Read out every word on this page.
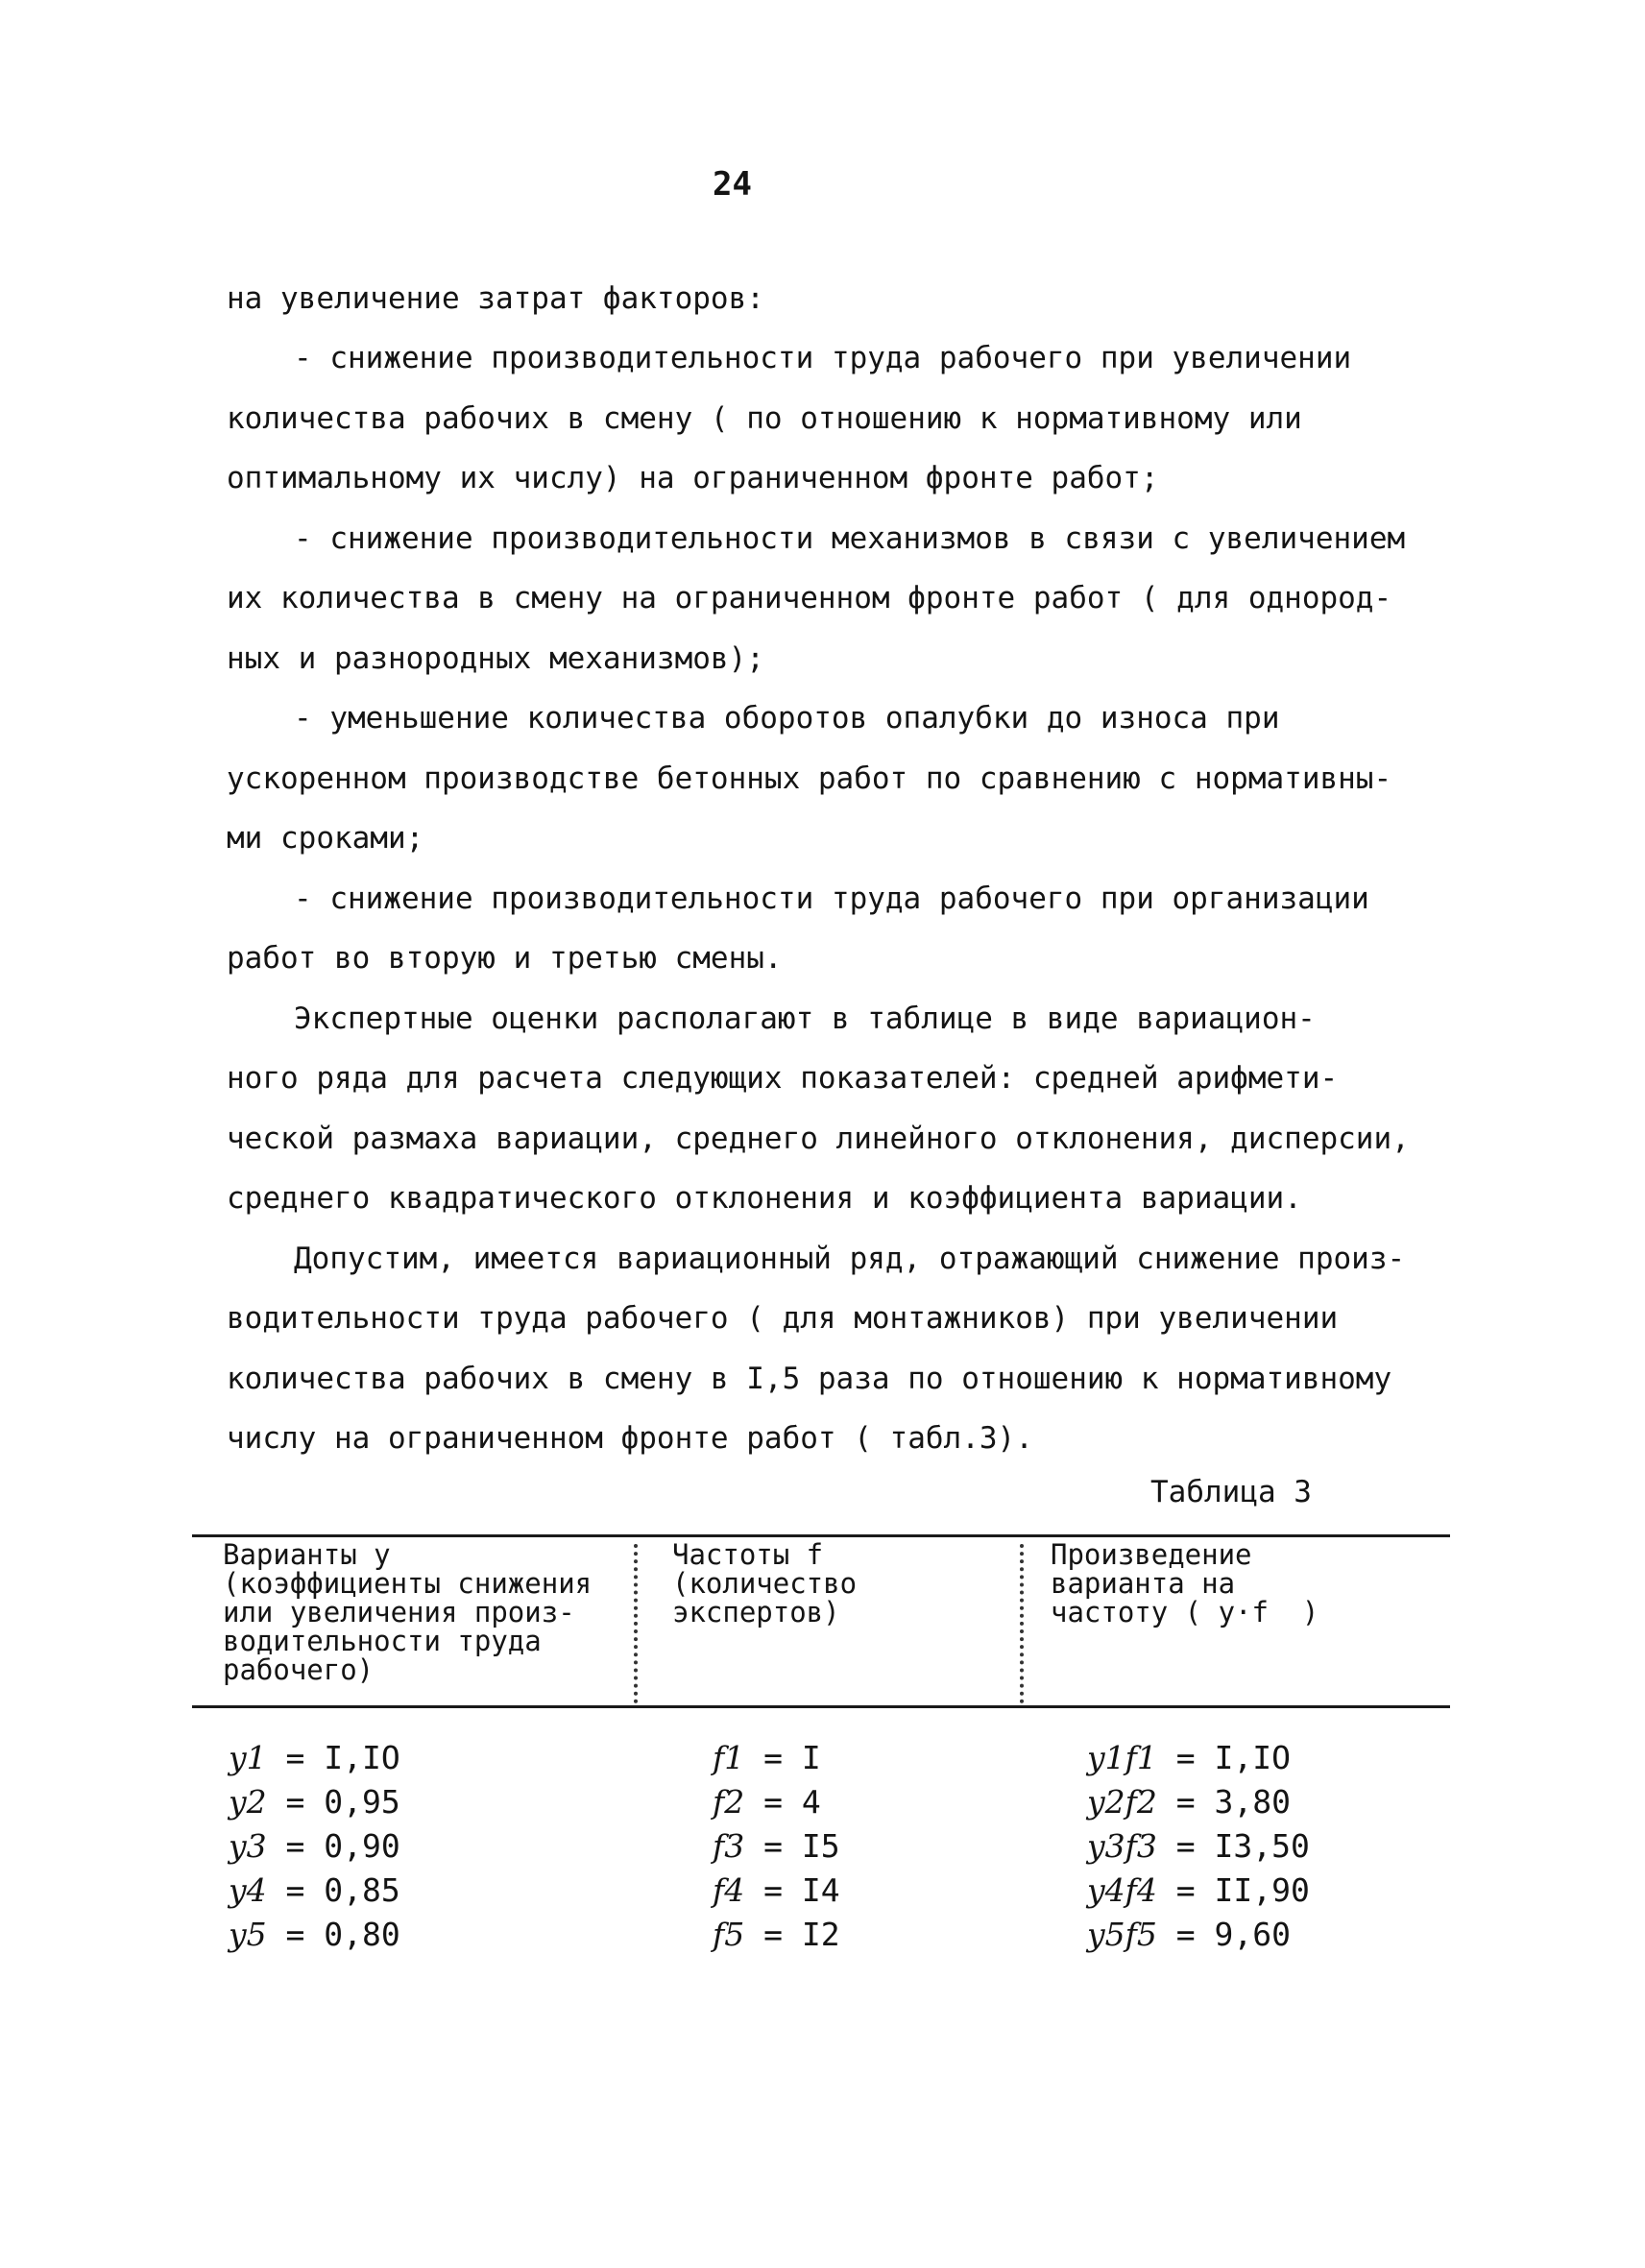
24
на увеличение затрат факторов:
- снижение производительности труда рабочего при увеличении
количества рабочих в смену ( по отношению к нормативному или
оптимальному их числу) на ограниченном фронте работ;
- снижение производительности механизмов в связи с увеличением
их количества в смену на ограниченном фронте работ ( для однород-
ных и разнородных механизмов);
- уменьшение количества оборотов опалубки до износа при
ускоренном производстве бетонных работ по сравнению с нормативны-
ми сроками;
- снижение производительности труда рабочего при организации
работ во вторую и третью смены.
Экспертные оценки располагают в таблице в виде вариацион-
ного ряда для расчета следующих показателей: средней арифмети-
ческой размаха вариации, среднего линейного отклонения, дисперсии,
среднего квадратического отклонения и коэффициента вариации.
Допустим, имеется вариационный ряд, отражающий снижение произ-
водительности труда рабочего ( для монтажников) при увеличении
количества рабочих в смену в I,5 раза по отношению к нормативному
числу на ограниченном фронте работ ( табл.3).
Таблица 3
Варианты y
(коэффициенты снижения
или увеличения произ-
водительности труда
рабочего)
Частоты f
(количество
экспертов)
Произведение
варианта на
частоту ( y·f  )
y1 = I,IO
y2 = 0,95
y3 = 0,90
y4 = 0,85
y5 = 0,80
f1 = I
f2 = 4
f3 = I5
f4 = I4
f5 = I2
y1f1 = I,IO
y2f2 = 3,80
y3f3 = I3,50
y4f4 = II,90
y5f5 = 9,60
